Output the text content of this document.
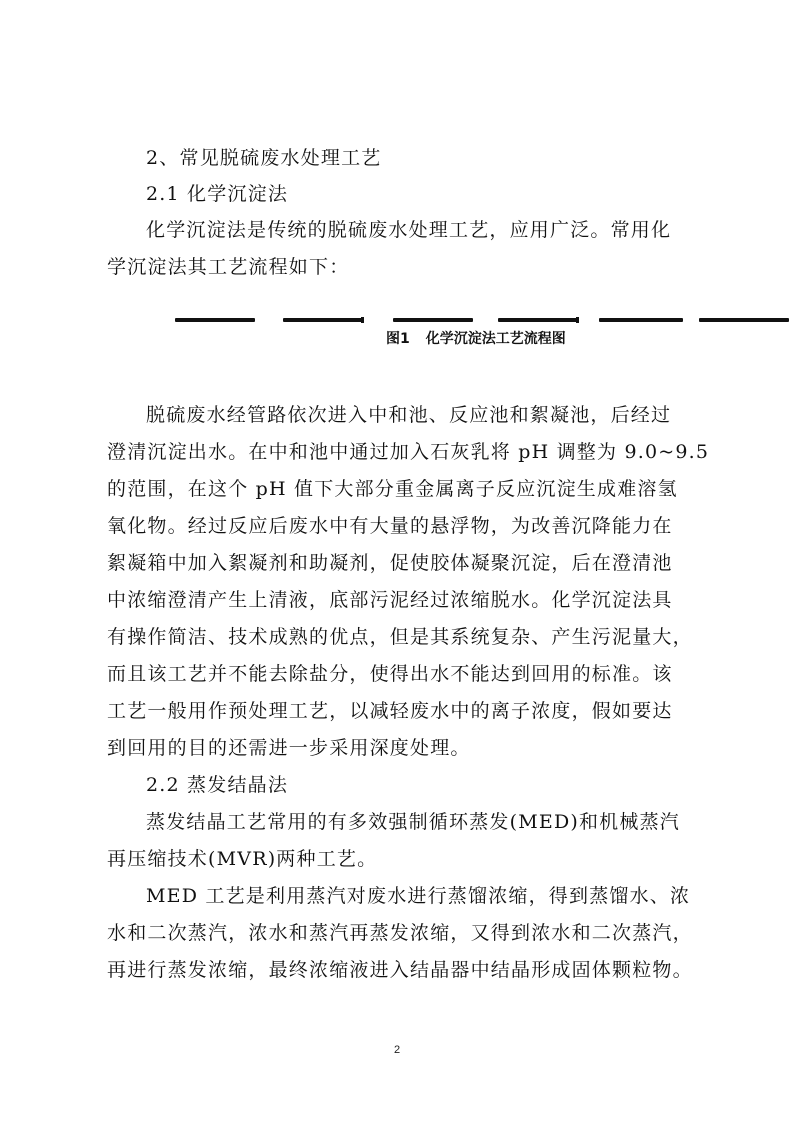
2、常见脱硫废水处理工艺
2.1 化学沉淀法
化学沉淀法是传统的脱硫废水处理工艺，应用广泛。常用化
学沉淀法其工艺流程如下：
图1 化学沉淀法工艺流程图
脱硫废水经管路依次进入中和池、反应池和絮凝池，后经过
澄清沉淀出水。在中和池中通过加入石灰乳将 pH 调整为 9.0~9.5
的范围，在这个 pH 值下大部分重金属离子反应沉淀生成难溶氢
氧化物。经过反应后废水中有大量的悬浮物，为改善沉降能力在
絮凝箱中加入絮凝剂和助凝剂，促使胶体凝聚沉淀，后在澄清池
中浓缩澄清产生上清液，底部污泥经过浓缩脱水。化学沉淀法具
有操作简洁、技术成熟的优点，但是其系统复杂、产生污泥量大，
而且该工艺并不能去除盐分，使得出水不能达到回用的标准。该
工艺一般用作预处理工艺，以减轻废水中的离子浓度，假如要达
到回用的目的还需进一步采用深度处理。
2.2 蒸发结晶法
蒸发结晶工艺常用的有多效强制循环蒸发(MED)和机械蒸汽
再压缩技术(MVR)两种工艺。
MED 工艺是利用蒸汽对废水进行蒸馏浓缩，得到蒸馏水、浓
水和二次蒸汽，浓水和蒸汽再蒸发浓缩，又得到浓水和二次蒸汽，
再进行蒸发浓缩，最终浓缩液进入结晶器中结晶形成固体颗粒物。
2
